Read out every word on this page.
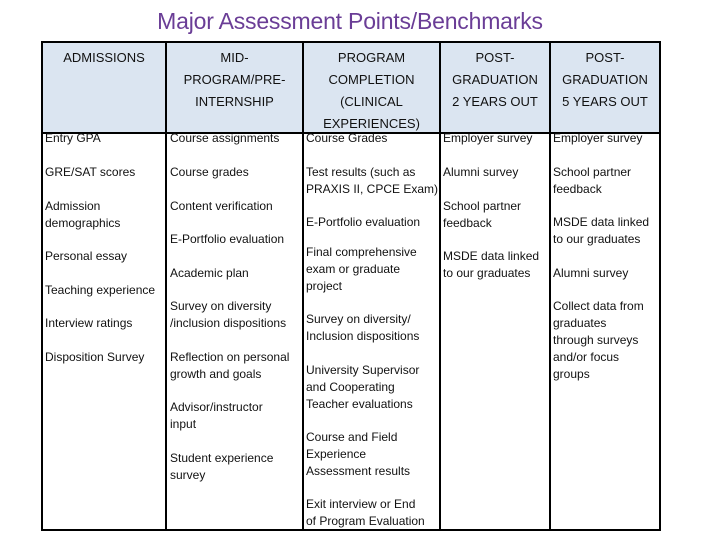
Major Assessment Points/Benchmarks
ADMISSIONS	MID-
PROGRAM/PRE-
INTERNSHIP
PROGRAM
COMPLETION
(CLINICAL
EXPERIENCES)
POST-
GRADUATION
2 YEARS OUT
POST-
GRADUATION
5 YEARS OUT
Entry GPA
GRE/SAT scores
Admission
demographics
Personal essay
Teaching experience
Interview ratings
Disposition Survey
Course assignments
Course grades
Content verification
E-Portfolio evaluation
Academic plan
Survey on diversity
/inclusion dispositions
Reflection on personal
growth and goals
Advisor/instructor
input
Student experience
survey
Course Grades
Test results (such as
PRAXIS II, CPCE Exam)
E-Portfolio evaluation
Final comprehensive
exam or graduate
project
Survey on diversity/
Inclusion dispositions
University Supervisor
and Cooperating
Teacher evaluations
Course and Field
Experience
Assessment results
Exit interview or End
of Program Evaluation
Employer survey
Alumni survey
School partner
feedback
MSDE data linked
to our graduates
Employer survey
School partner
feedback
MSDE data linked
to our graduates
Alumni survey
Collect data from
graduates
through surveys
and/or focus
groups
